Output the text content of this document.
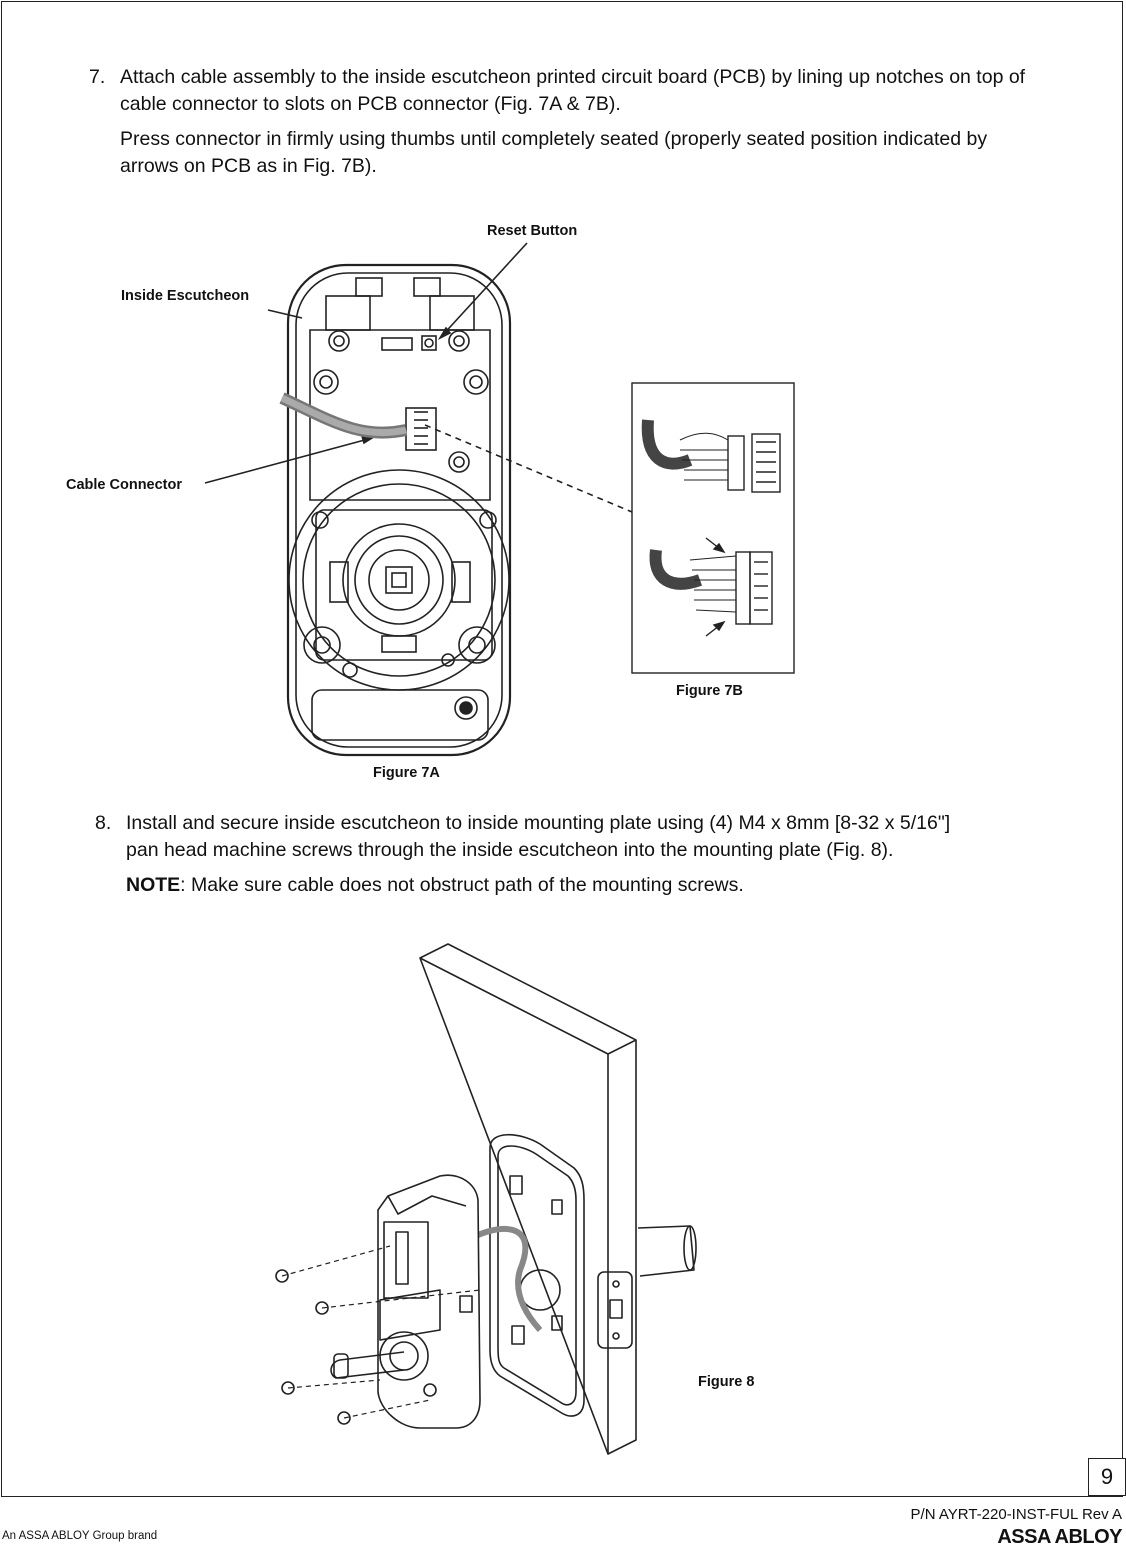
7. Attach cable assembly to the inside escutcheon printed circuit board (PCB) by lining up notches on top of cable connector to slots on PCB connector (Fig. 7A & 7B).

Press connector in firmly using thumbs until completely seated (properly seated position indicated by arrows on PCB as in Fig. 7B).

Reset Button
Inside Escutcheon
Cable Connector
Figure 7A
Figure 7B
8. Install and secure inside escutcheon to inside mounting plate using (4) M4 x 8mm [8-32 x 5/16"] pan head machine screws through the inside escutcheon into the mounting plate (Fig. 8).

NOTE: Make sure cable does not obstruct path of the mounting screws.

Figure 8
9
P/N AYRT-220-INST-FUL Rev A
An ASSA ABLOY Group brand	ASSA ABLOY
